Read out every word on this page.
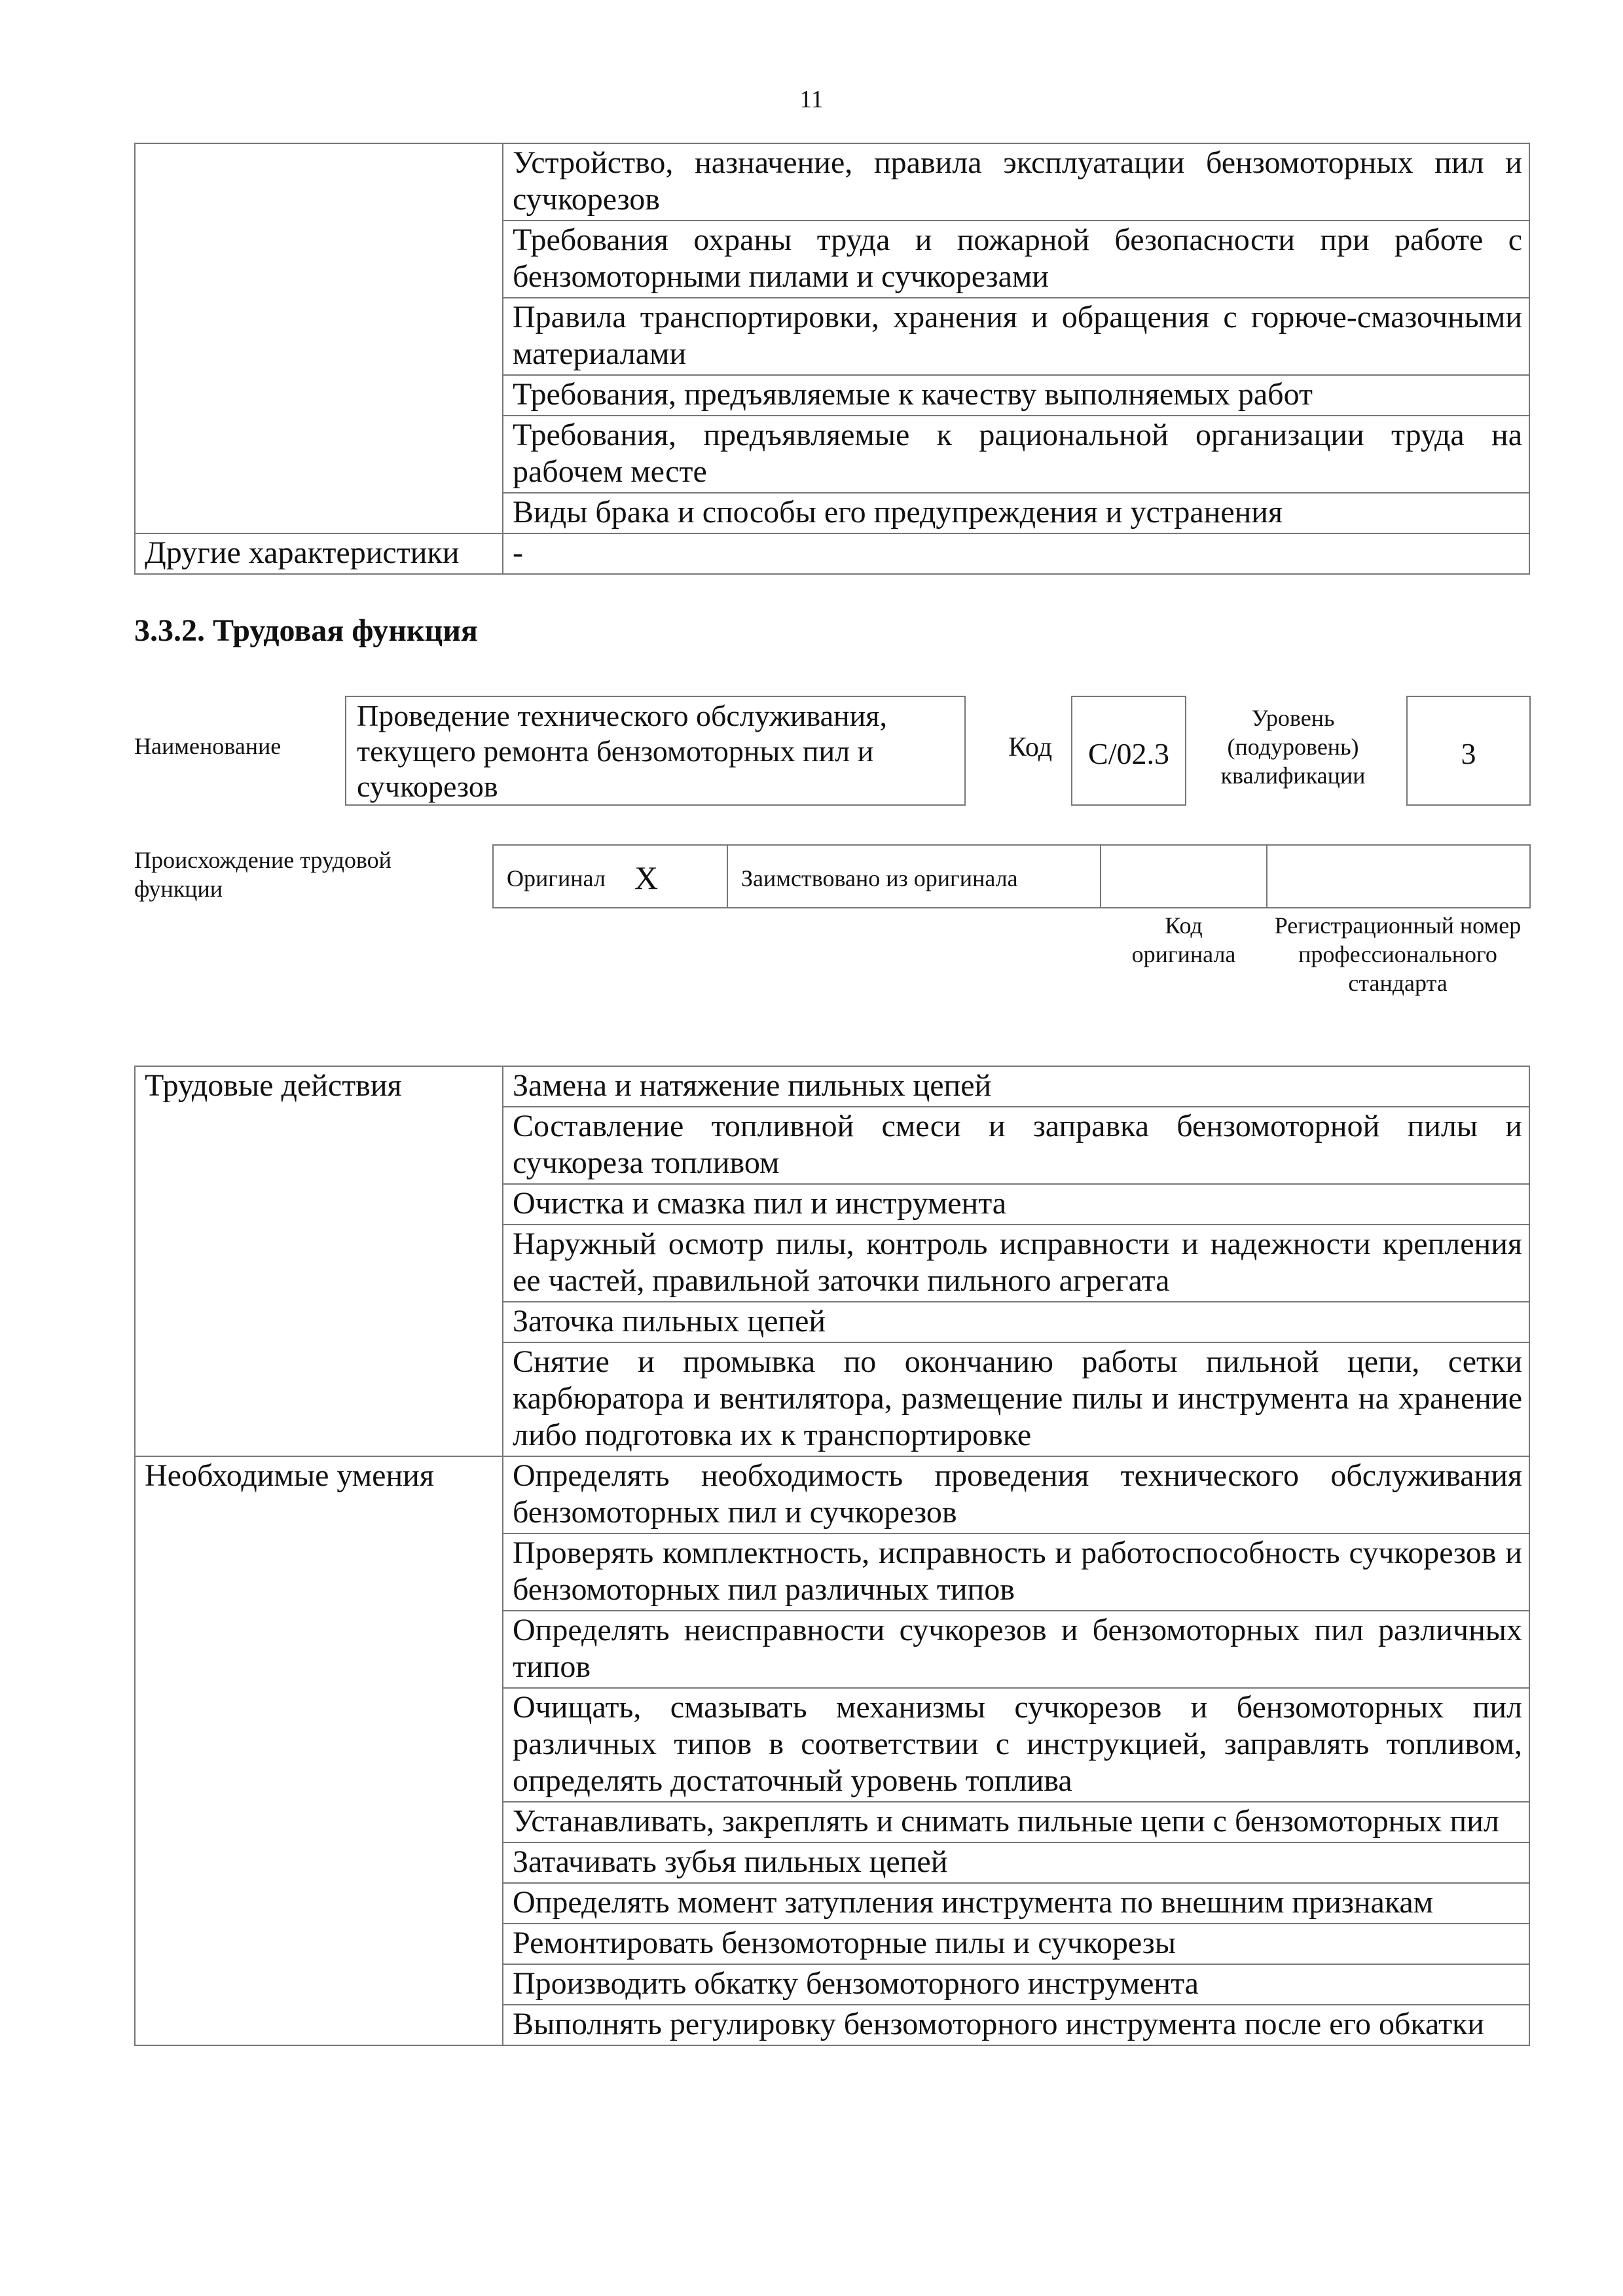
11
	Устройство, назначение, правила эксплуатации бензомоторных пил и сучкорезов
	Требования охраны труда и пожарной безопасности при работе с бензомоторными пилами и сучкорезами
	Правила транспортировки, хранения и обращения с горюче-смазочными материалами
	Требования, предъявляемые к качеству выполняемых работ
	Требования, предъявляемые к рациональной организации труда на рабочем месте
	Виды брака и способы его предупреждения и устранения
Другие характеристики	-
3.3.2. Трудовая функция
Наименование
Проведение технического обслуживания, текущего ремонта бензомоторных пил и сучкорезов
Код	C/02.3
Уровень (подуровень) квалификации
3
Происхождение трудовой функции	Оригинал X	Заимствовано из оригинала
Код оригинала
Регистрационный номер профессионального стандарта
Трудовые действия	Замена и натяжение пильных цепей
	Составление топливной смеси и заправка бензомоторной пилы и сучкореза топливом
	Очистка и смазка пил и инструмента
	Наружный осмотр пилы, контроль исправности и надежности крепления ее частей, правильной заточки пильного агрегата
	Заточка пильных цепей
	Снятие и промывка по окончанию работы пильной цепи, сетки карбюратора и вентилятора, размещение пилы и инструмента на хранение либо подготовка их к транспортировке
Необходимые умения	Определять необходимость проведения технического обслуживания бензомоторных пил и сучкорезов
	Проверять комплектность, исправность и работоспособность сучкорезов и бензомоторных пил различных типов
	Определять неисправности сучкорезов и бензомоторных пил различных типов
	Очищать, смазывать механизмы сучкорезов и бензомоторных пил различных типов в соответствии с инструкцией, заправлять топливом, определять достаточный уровень топлива
	Устанавливать, закреплять и снимать пильные цепи с бензомоторных пил
	Затачивать зубья пильных цепей
	Определять момент затупления инструмента по внешним признакам
	Ремонтировать бензомоторные пилы и сучкорезы
	Производить обкатку бензомоторного инструмента
	Выполнять регулировку бензомоторного инструмента после его обкатки
